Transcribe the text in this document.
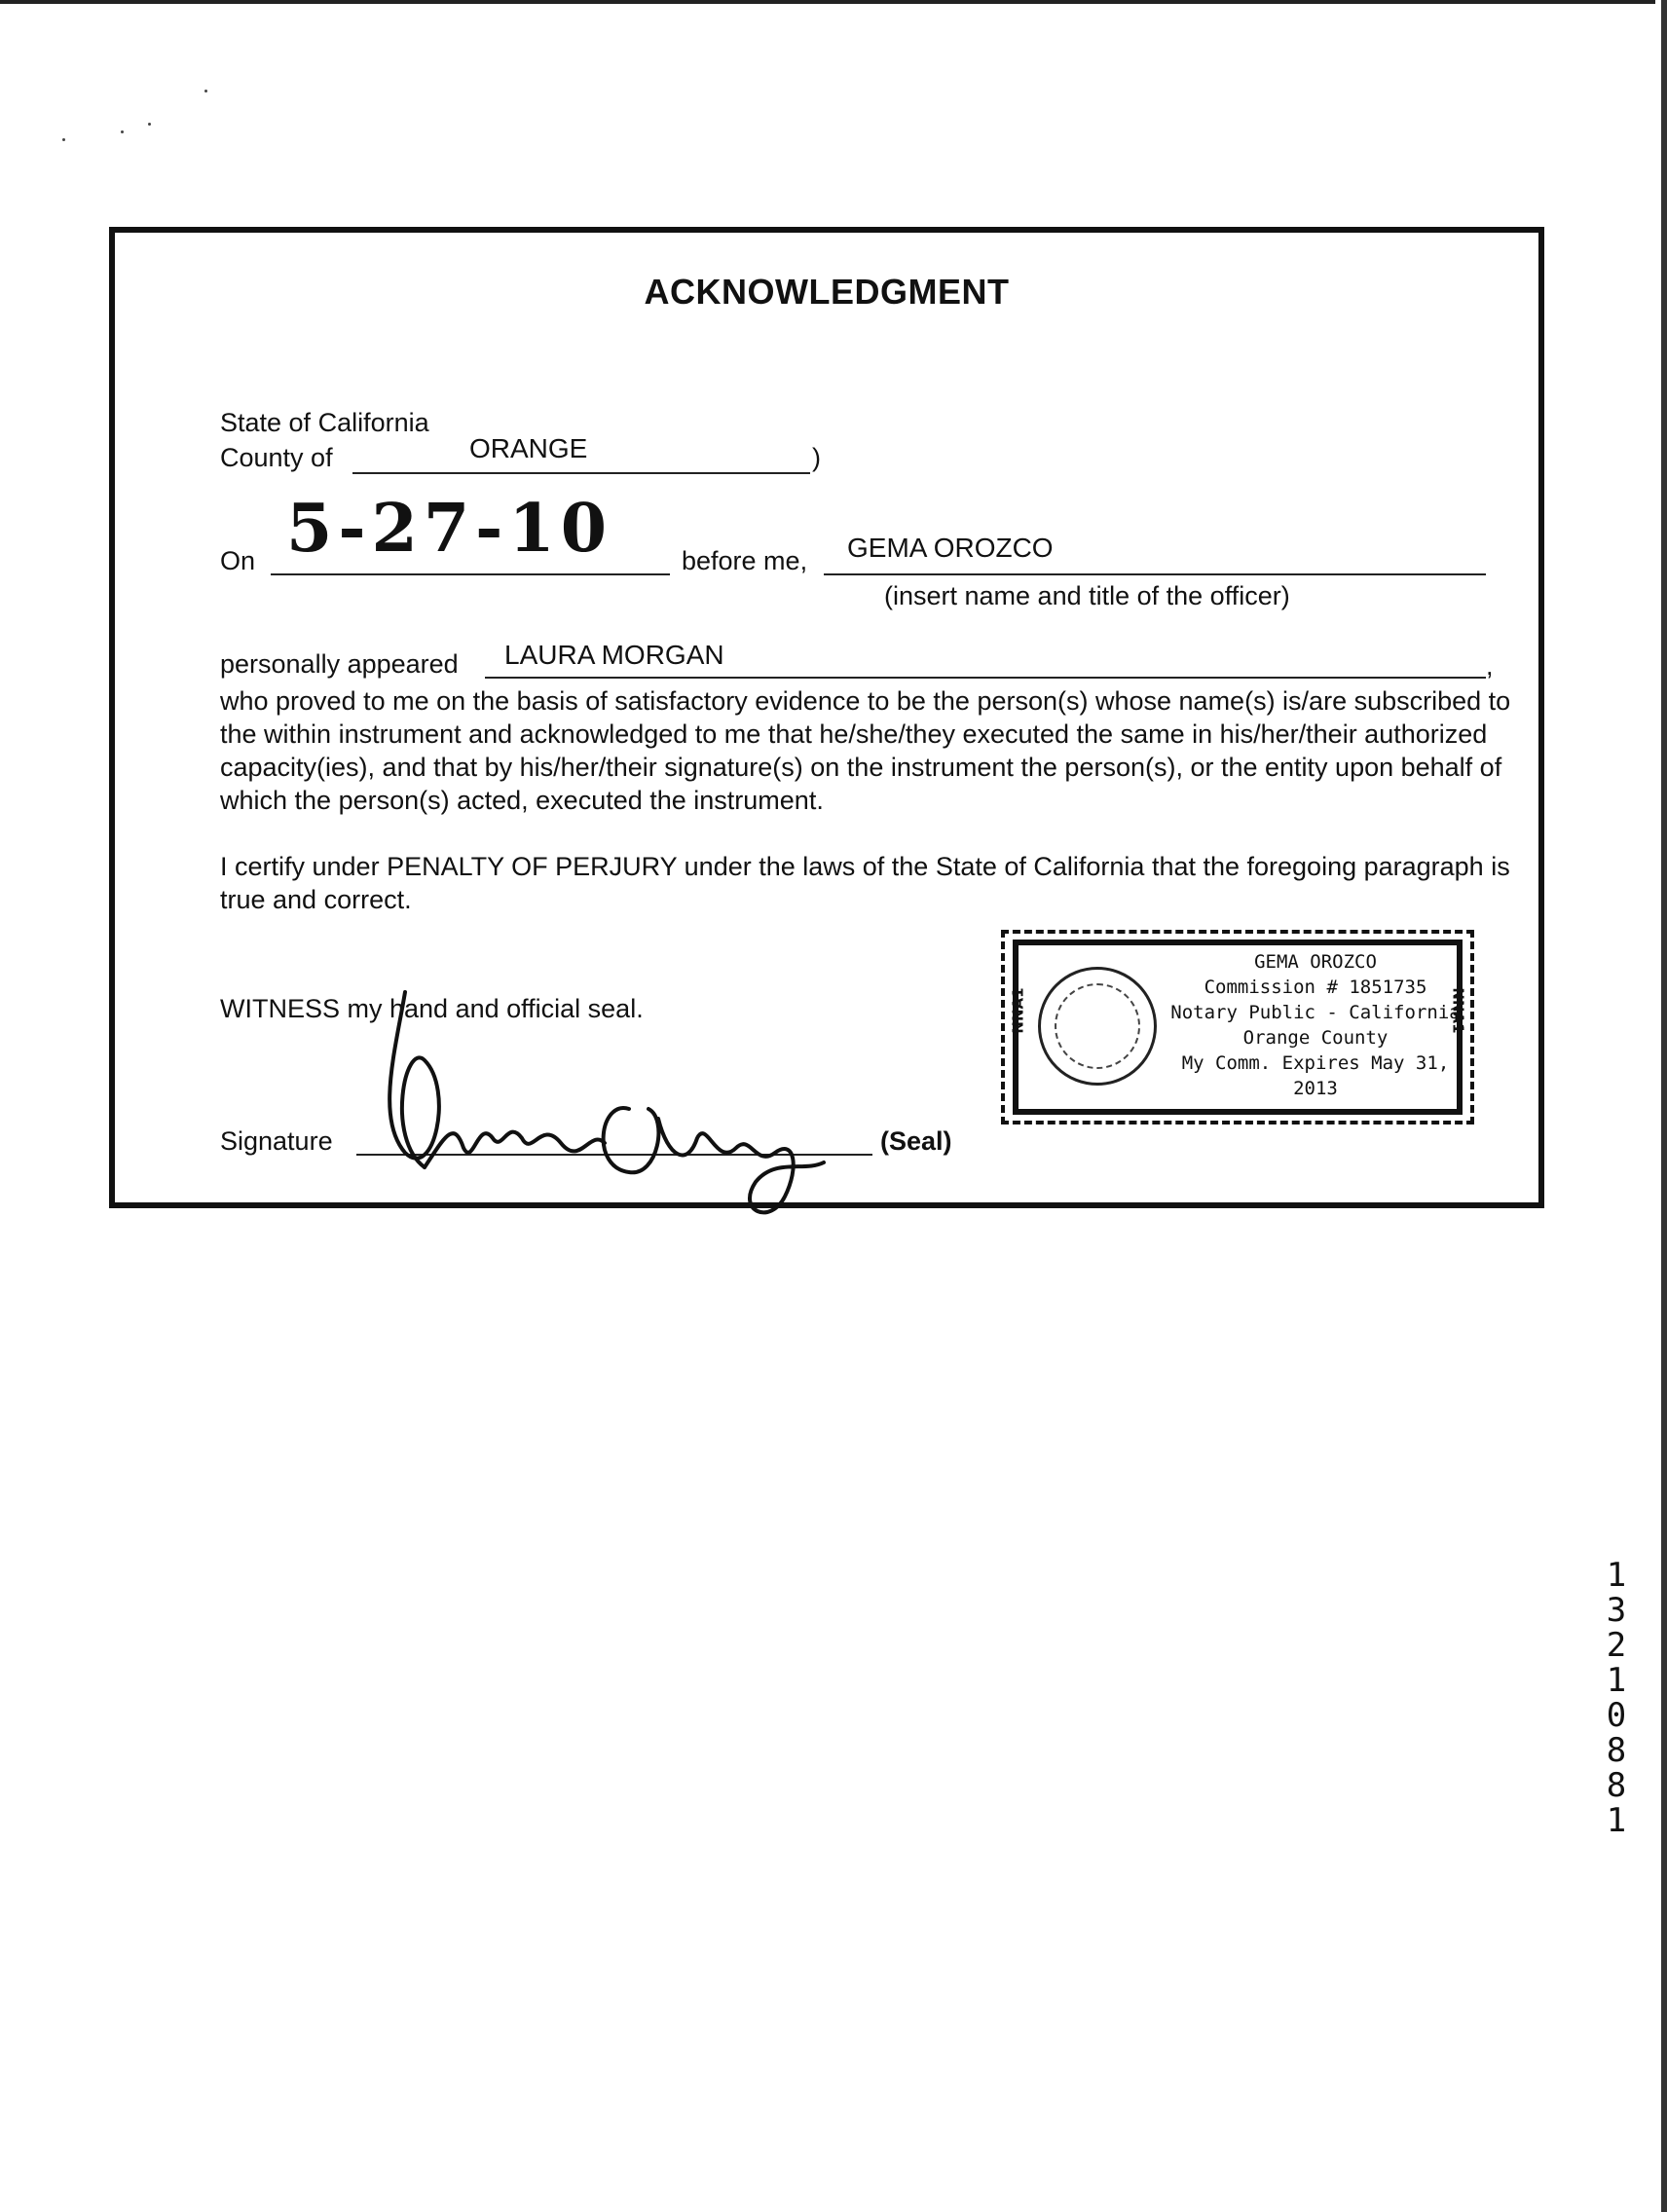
ACKNOWLEDGMENT
State of California
County of	ORANGE	)
On 5-27-10	before me, GEMA OROZCO
(insert name and title of the officer)
personally appeared LAURA MORGAN	,
who proved to me on the basis of satisfactory evidence to be the person(s) whose name(s) is/are subscribed to the within instrument and acknowledged to me that he/she/they executed the same in his/her/their authorized capacity(ies), and that by his/her/their signature(s) on the instrument the person(s), or the entity upon behalf of which the person(s) acted, executed the instrument.
I certify under PENALTY OF PERJURY under the laws of the State of California that the foregoing paragraph is true and correct.
WITNESS my hand and official seal.
Signature	(Seal)
GEMA OROZCO
Commission # 1851735
Notary Public - California
Orange County
My Comm. Expires May 31, 2013
NNA1	NNA1
1
3
2
1
0
8
8
1
